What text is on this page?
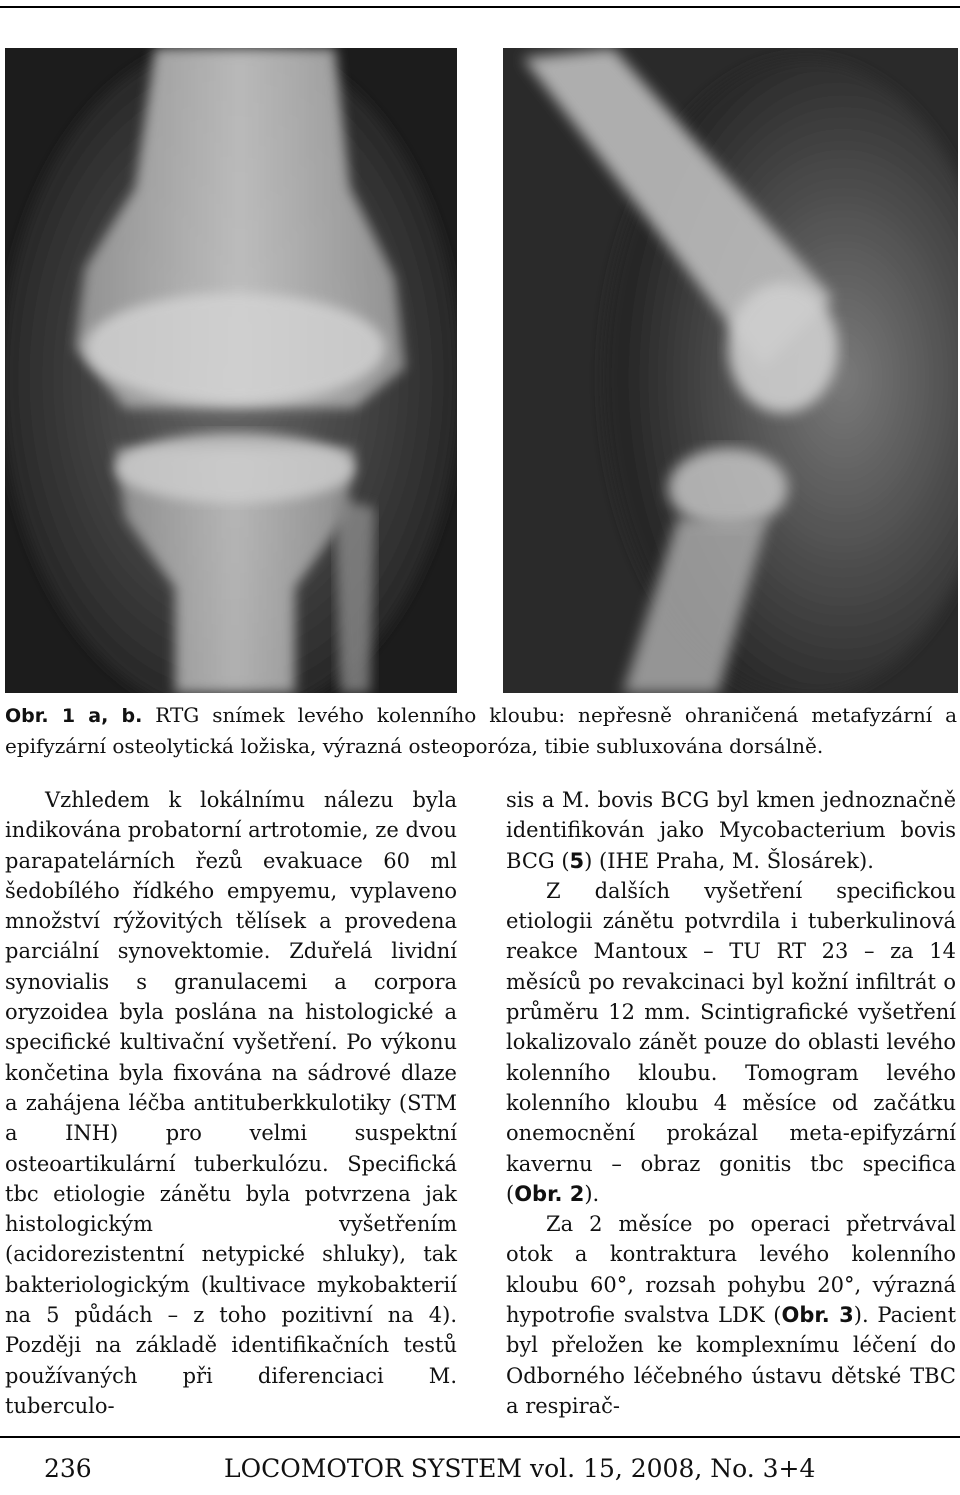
Obr. 1 a, b. RTG snímek levého kolenního kloubu: nepřesně ohraničená metafyzární a epifyzární osteolytická ložiska, výrazná osteoporóza, tibie subluxována dorsálně.

Vzhledem k lokálnímu nálezu byla indikována probatorní artrotomie, ze dvou parapatelárních řezů evakuace 60 ml šedobílého řídkého empyemu, vyplaveno množství rýžovitých tělísek a provedena parciální synovektomie. Zduřelá lividní synovialis s granulacemi a corpora oryzoidea byla poslána na histologické a specifické kultivační vyšetření. Po výkonu končetina byla fixována na sádrové dlaze a zahájena léčba antituberkkulotiky (STM a INH) pro velmi suspektní osteoartikulární tuberkulózu. Specifická tbc etiologie zánětu byla potvrzena jak histologickým vyšetřením (acidorezistentní netypické shluky), tak bakteriologickým (kultivace mykobakterií na 5 půdách – z toho pozitivní na 4). Později na základě identifikačních testů používaných při diferenciaci M. tuberculo-

sis a M. bovis BCG byl kmen jednoznačně identifikován jako Mycobacterium bovis BCG (5) (IHE Praha, M. Šlosárek).

Z dalších vyšetření specifickou etiologii zánětu potvrdila i tuberkulinová reakce Mantoux – TU RT 23 – za 14 měsíců po revakcinaci byl kožní infiltrát o průměru 12 mm. Scintigrafické vyšetření lokalizovalo zánět pouze do oblasti levého kolenního kloubu. Tomogram levého kolenního kloubu 4 měsíce od začátku onemocnění prokázal meta-epifyzární kavernu – obraz gonitis tbc specifica (Obr. 2).

Za 2 měsíce po operaci přetrvával otok a kontraktura levého kolenního kloubu 60°, rozsah pohybu 20°, výrazná hypotrofie svalstva LDK (Obr. 3). Pacient byl přeložen ke komplexnímu léčení do Odborného léčebného ústavu dětské TBC a respirač-

236	LOCOMOTOR SYSTEM vol. 15, 2008, No. 3+4
